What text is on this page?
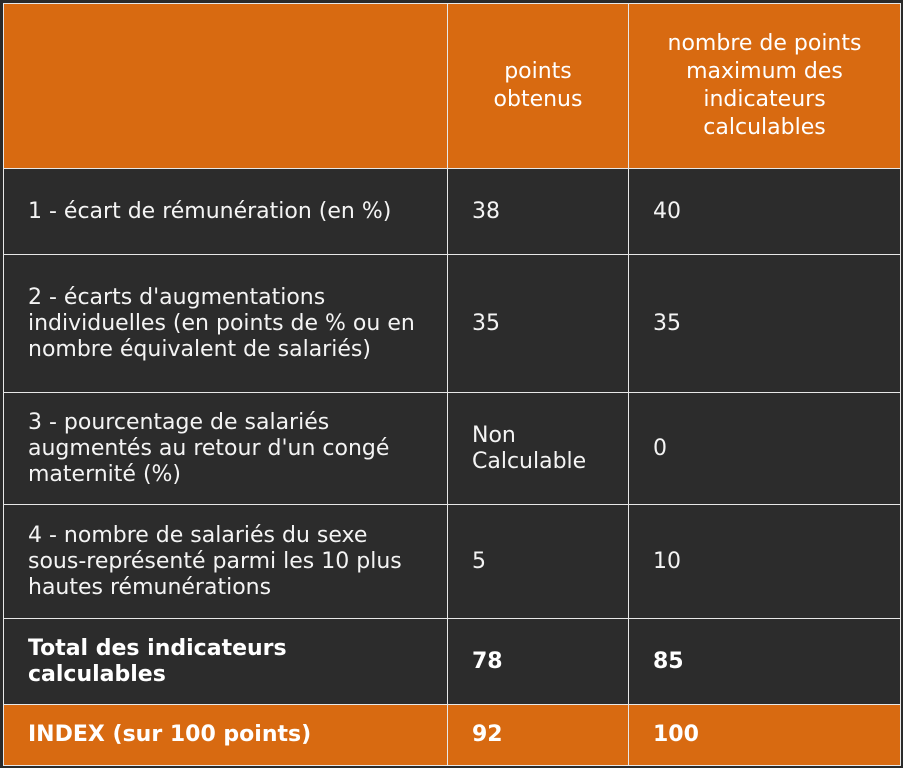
	points obtenus	nombre de points maximum des indicateurs calculables
1 - écart de rémunération (en %)	38	40
2 - écarts d'augmentations individuelles (en points de % ou en nombre équivalent de salariés)	35	35
3 - pourcentage de salariés augmentés au retour d'un congé maternité (%)	Non Calculable	0
4 - nombre de salariés du sexe sous-représenté parmi les 10 plus hautes rémunérations	5	10
Total des indicateurs calculables	78	85
INDEX (sur 100 points)	92	100
